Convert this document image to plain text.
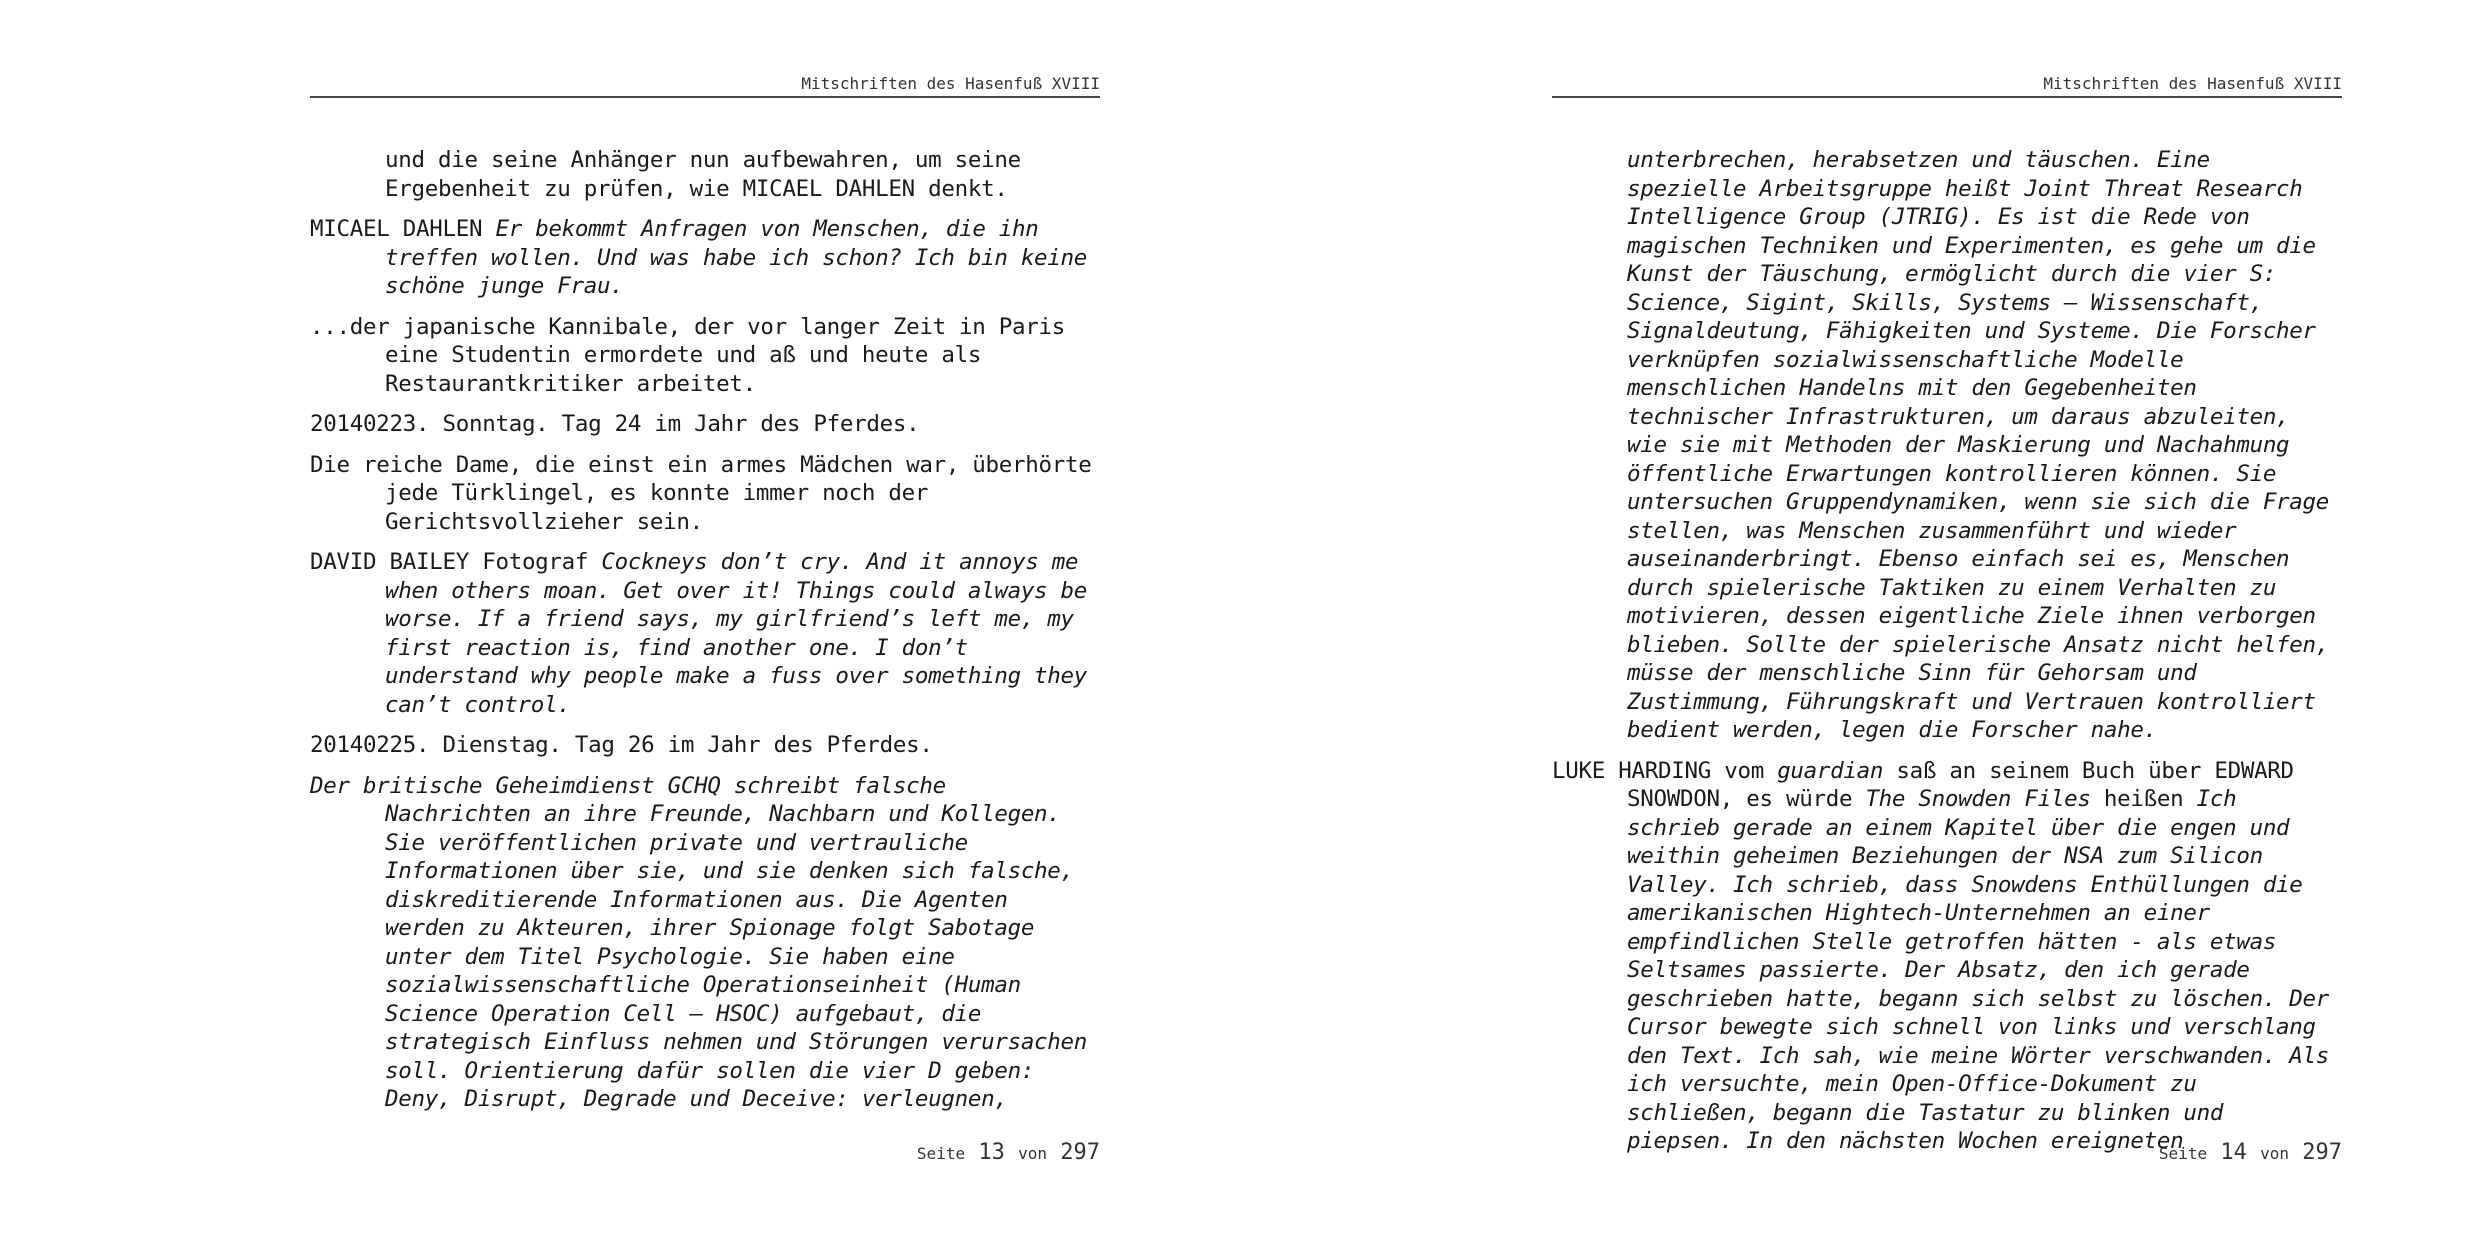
Mitschriften des Hasenfuß XVIII

und die seine Anhänger nun aufbewahren, um seine Ergebenheit zu prüfen, wie MICAEL DAHLEN denkt.

MICAEL DAHLEN Er bekommt Anfragen von Menschen, die ihn treffen wollen. Und was habe ich schon? Ich bin keine schöne junge Frau.

...der japanische Kannibale, der vor langer Zeit in Paris eine Studentin ermordete und aß und heute als Restaurantkritiker arbeitet.

20140223. Sonntag. Tag 24 im Jahr des Pferdes.

Die reiche Dame, die einst ein armes Mädchen war, überhörte jede Türklingel, es konnte immer noch der Gerichtsvollzieher sein.

DAVID BAILEY Fotograf Cockneys don’t cry. And it annoys me when others moan. Get over it! Things could always be worse. If a friend says, my girlfriend’s left me, my first reaction is, find another one. I don’t understand why people make a fuss over something they can’t control.

20140225. Dienstag. Tag 26 im Jahr des Pferdes.

Der britische Geheimdienst GCHQ schreibt falsche Nachrichten an ihre Freunde, Nachbarn und Kollegen. Sie veröffentlichen private und vertrauliche Informationen über sie, und sie denken sich falsche, diskreditierende Informationen aus. Die Agenten werden zu Akteuren, ihrer Spionage folgt Sabotage unter dem Titel Psychologie. Sie haben eine sozialwissenschaftliche Operationseinheit (Human Science Operation Cell – HSOC) aufgebaut, die strategisch Einfluss nehmen und Störungen verursachen soll. Orientierung dafür sollen die vier D geben: Deny, Disrupt, Degrade und Deceive: verleugnen,

Seite 13 von 297
Mitschriften des Hasenfuß XVIII

unterbrechen, herabsetzen und täuschen. Eine spezielle Arbeitsgruppe heißt Joint Threat Research Intelligence Group (JTRIG). Es ist die Rede von magischen Techniken und Experimenten, es gehe um die Kunst der Täuschung, ermöglicht durch die vier S: Science, Sigint, Skills, Systems – Wissenschaft, Signaldeutung, Fähigkeiten und Systeme. Die Forscher verknüpfen sozialwissenschaftliche Modelle menschlichen Handelns mit den Gegebenheiten technischer Infrastrukturen, um daraus abzuleiten, wie sie mit Methoden der Maskierung und Nachahmung öffentliche Erwartungen kontrollieren können. Sie untersuchen Gruppendynamiken, wenn sie sich die Frage stellen, was Menschen zusammenführt und wieder auseinanderbringt. Ebenso einfach sei es, Menschen durch spielerische Taktiken zu einem Verhalten zu motivieren, dessen eigentliche Ziele ihnen verborgen blieben. Sollte der spielerische Ansatz nicht helfen, müsse der menschliche Sinn für Gehorsam und Zustimmung, Führungskraft und Vertrauen kontrolliert bedient werden, legen die Forscher nahe.

LUKE HARDING vom guardian saß an seinem Buch über EDWARD SNOWDON, es würde The Snowden Files heißen Ich schrieb gerade an einem Kapitel über die engen und weithin geheimen Beziehungen der NSA zum Silicon Valley. Ich schrieb, dass Snowdens Enthüllungen die amerikanischen Hightech-Unternehmen an einer empfindlichen Stelle getroffen hätten - als etwas Seltsames passierte. Der Absatz, den ich gerade geschrieben hatte, begann sich selbst zu löschen. Der Cursor bewegte sich schnell von links und verschlang den Text. Ich sah, wie meine Wörter verschwanden. Als ich versuchte, mein Open-Office-Dokument zu schließen, begann die Tastatur zu blinken und piepsen. In den nächsten Wochen ereigneten

Seite 14 von 297
